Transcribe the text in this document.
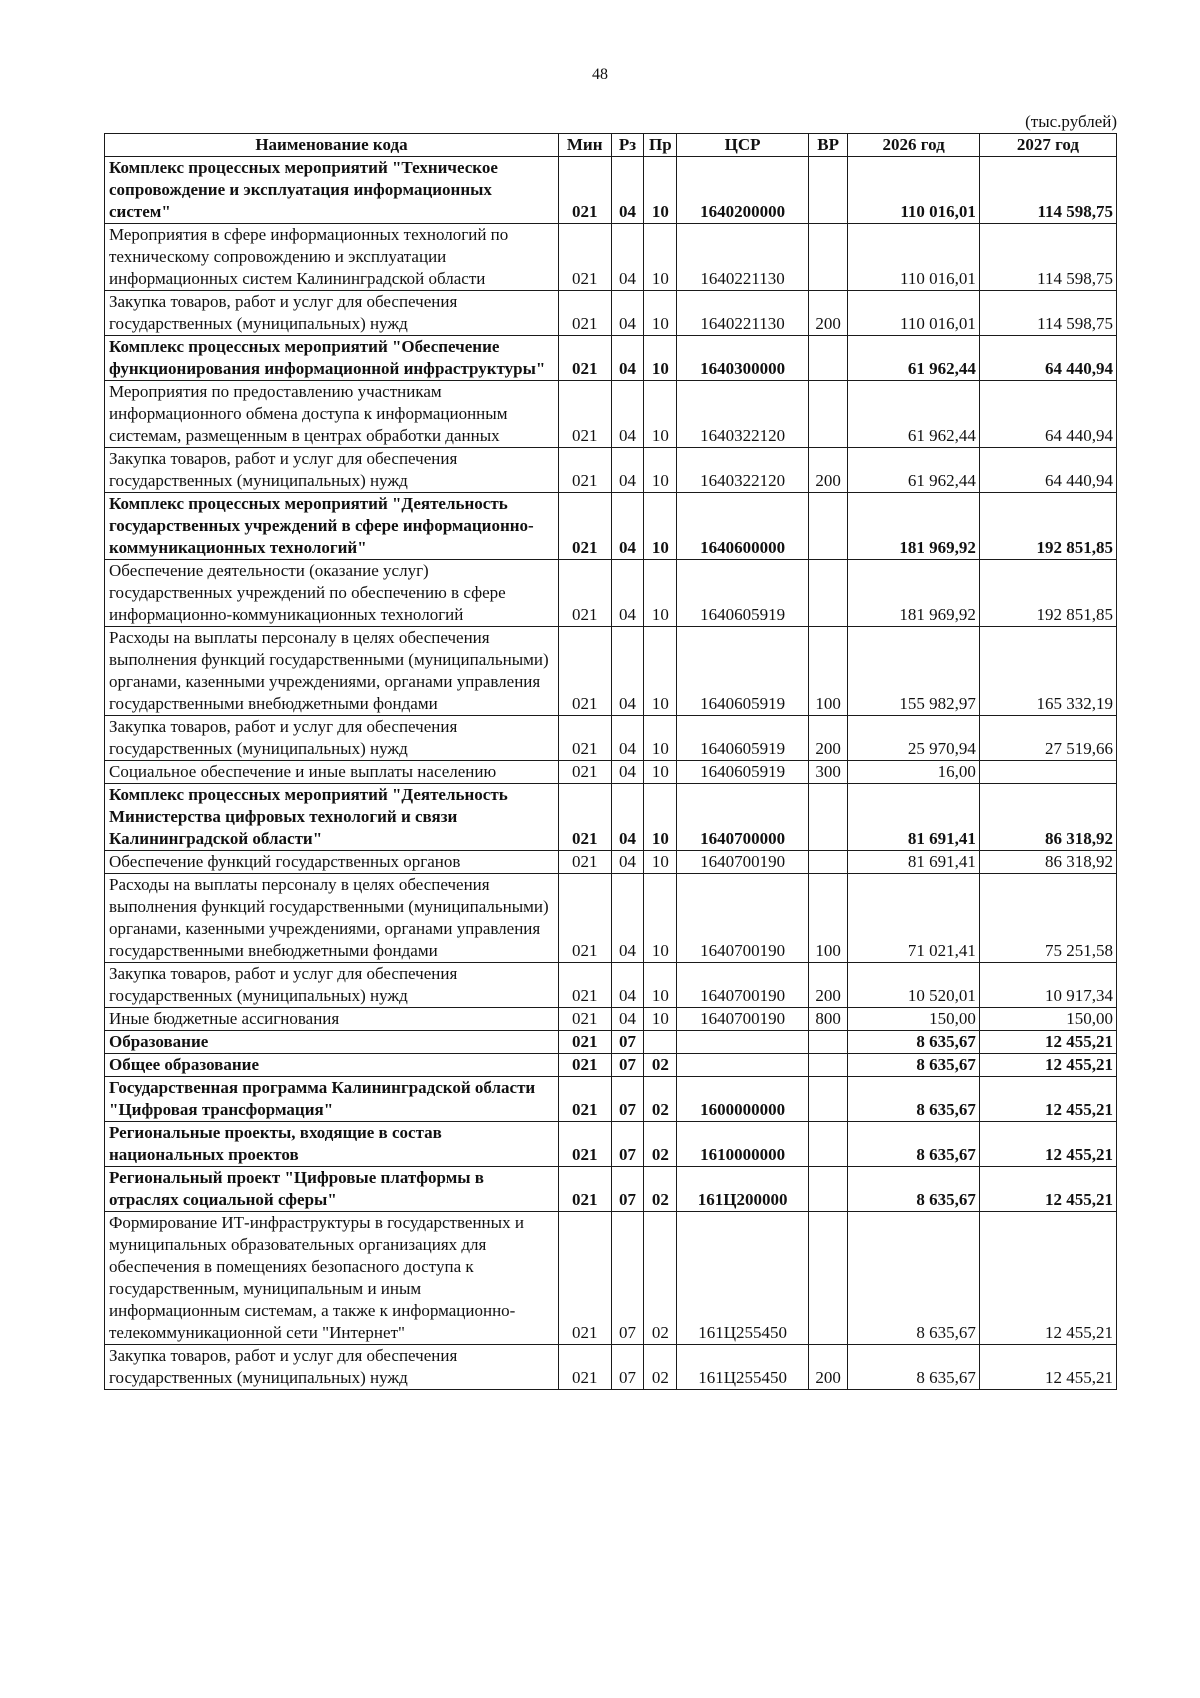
48
(тыс.рублей)
Наименование кода	Мин	Рз	Пр	ЦСР	ВР	2026 год	2027 год
Комплекс процессных мероприятий "Техническое сопровождение и эксплуатация информационных систем"	021	04	10	1640200000		110 016,01	114 598,75
Мероприятия в сфере информационных технологий по техническому сопровождению и эксплуатации информационных систем Калининградской области	021	04	10	1640221130		110 016,01	114 598,75
Закупка товаров, работ и услуг для обеспечения государственных (муниципальных) нужд	021	04	10	1640221130	200	110 016,01	114 598,75
Комплекс процессных мероприятий "Обеспечение функционирования информационной инфраструктуры"	021	04	10	1640300000		61 962,44	64 440,94
Мероприятия по предоставлению участникам информационного обмена доступа к информационным системам, размещенным в центрах обработки данных	021	04	10	1640322120		61 962,44	64 440,94
Закупка товаров, работ и услуг для обеспечения государственных (муниципальных) нужд	021	04	10	1640322120	200	61 962,44	64 440,94
Комплекс процессных мероприятий "Деятельность государственных учреждений в сфере информационно-коммуникационных технологий"	021	04	10	1640600000		181 969,92	192 851,85
Обеспечение деятельности (оказание услуг) государственных учреждений по обеспечению в сфере информационно-коммуникационных технологий	021	04	10	1640605919		181 969,92	192 851,85
Расходы на выплаты персоналу в целях обеспечения выполнения функций государственными (муниципальными) органами, казенными учреждениями, органами управления государственными внебюджетными фондами	021	04	10	1640605919	100	155 982,97	165 332,19
Закупка товаров, работ и услуг для обеспечения государственных (муниципальных) нужд	021	04	10	1640605919	200	25 970,94	27 519,66
Социальное обеспечение и иные выплаты населению	021	04	10	1640605919	300	16,00	
Комплекс процессных мероприятий "Деятельность Министерства цифровых технологий и связи Калининградской области"	021	04	10	1640700000		81 691,41	86 318,92
Обеспечение функций государственных органов	021	04	10	1640700190		81 691,41	86 318,92
Расходы на выплаты персоналу в целях обеспечения выполнения функций государственными (муниципальными) органами, казенными учреждениями, органами управления государственными внебюджетными фондами	021	04	10	1640700190	100	71 021,41	75 251,58
Закупка товаров, работ и услуг для обеспечения государственных (муниципальных) нужд	021	04	10	1640700190	200	10 520,01	10 917,34
Иные бюджетные ассигнования	021	04	10	1640700190	800	150,00	150,00
Образование	021	07				8 635,67	12 455,21
Общее образование	021	07	02			8 635,67	12 455,21
Государственная программа Калининградской области "Цифровая трансформация"	021	07	02	1600000000		8 635,67	12 455,21
Региональные проекты, входящие в состав национальных проектов	021	07	02	1610000000		8 635,67	12 455,21
Региональный проект "Цифровые платформы в отраслях социальной сферы"	021	07	02	161Ц200000		8 635,67	12 455,21
Формирование ИТ-инфраструктуры в государственных и муниципальных образовательных организациях для обеспечения в помещениях безопасного доступа к государственным, муниципальным и иным информационным системам, а также к информационно-телекоммуникационной сети "Интернет"	021	07	02	161Ц255450		8 635,67	12 455,21
Закупка товаров, работ и услуг для обеспечения государственных (муниципальных) нужд	021	07	02	161Ц255450	200	8 635,67	12 455,21
